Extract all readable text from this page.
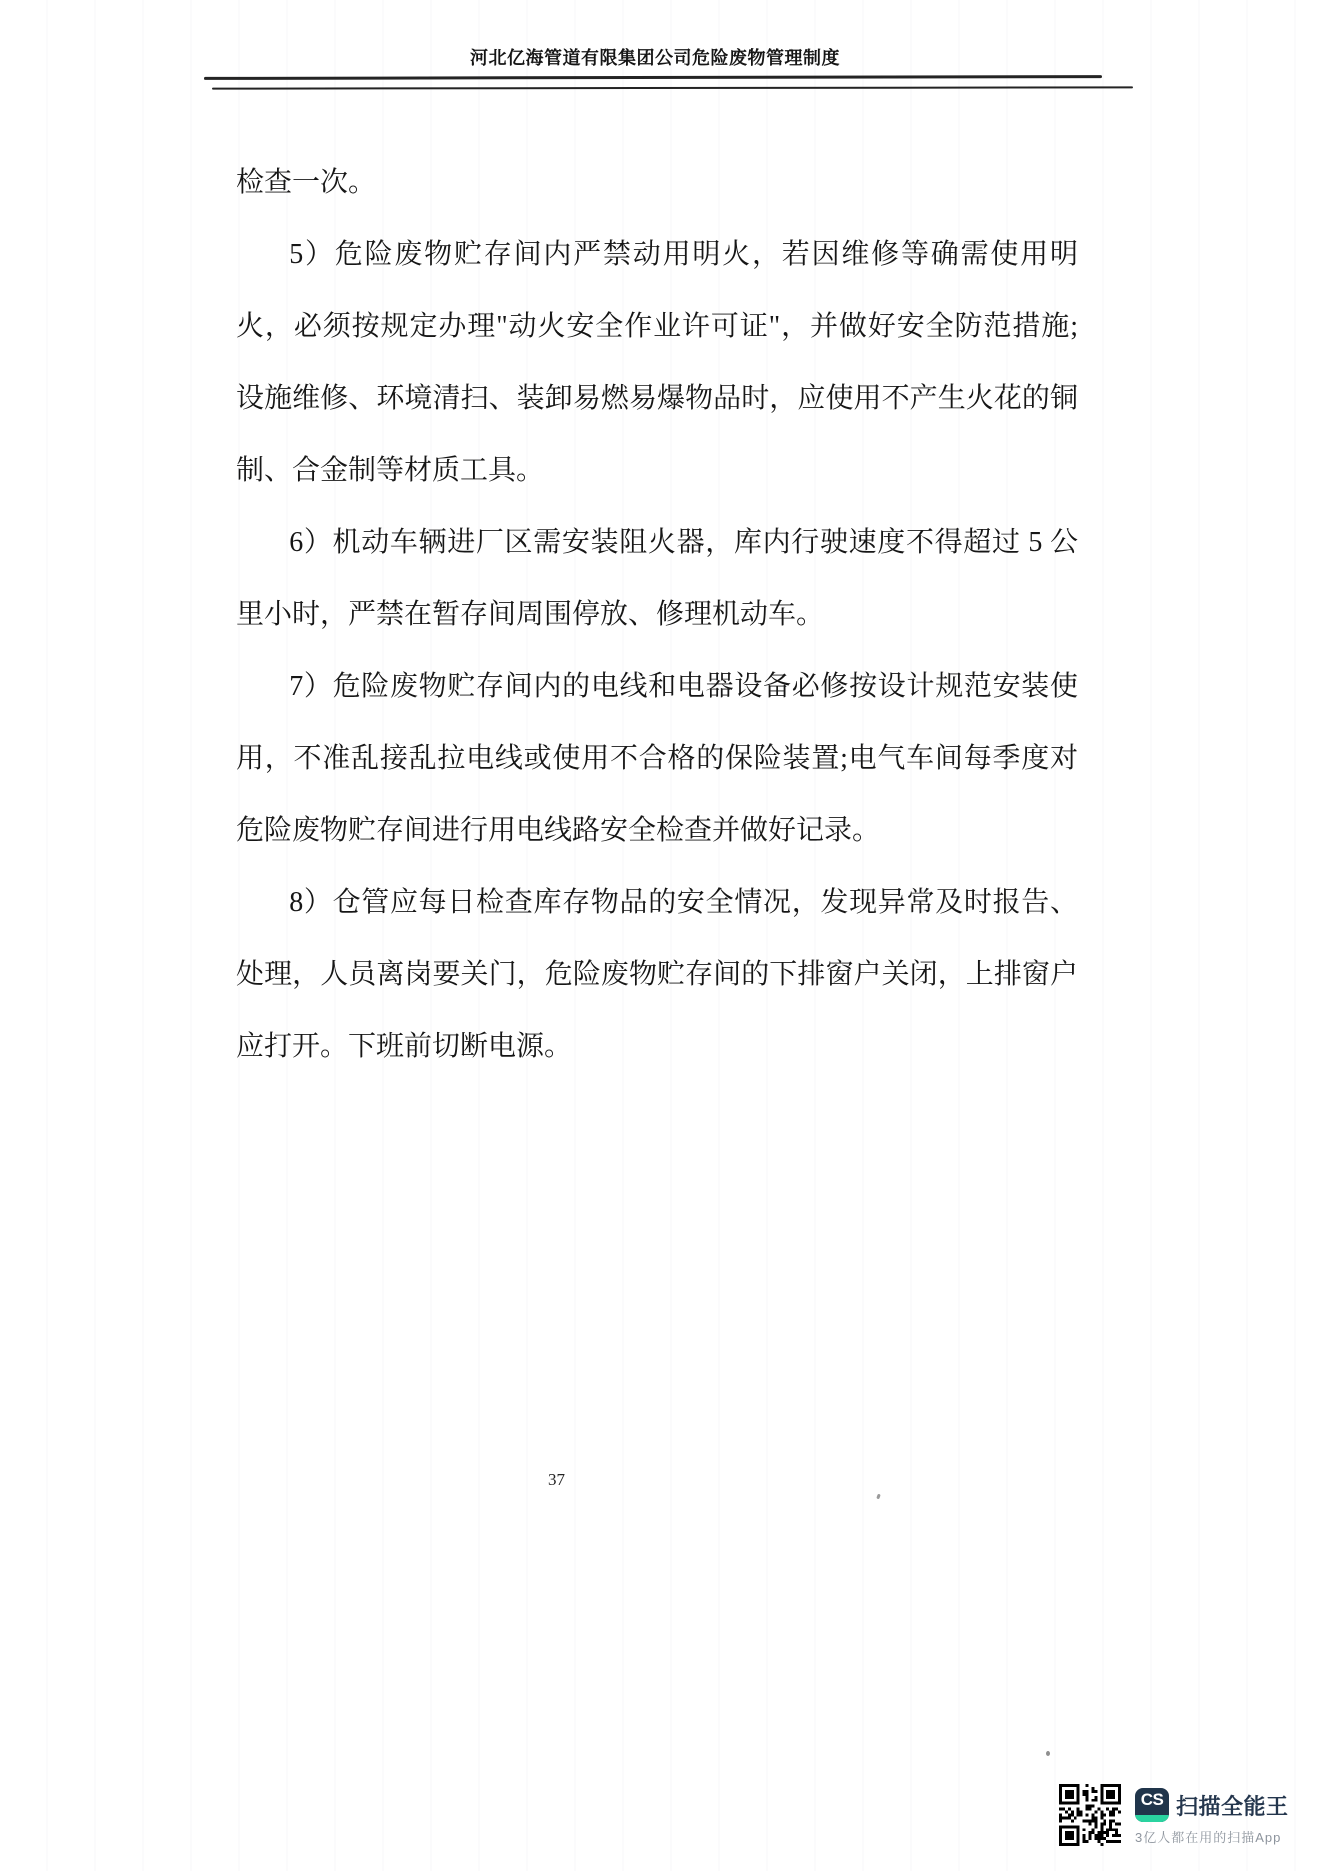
河北亿海管道有限集团公司危险废物管理制度

检查一次。

5）危险废物贮存间内严禁动用明火，若因维修等确需使用明火，必须按规定办理"动火安全作业许可证"，并做好安全防范措施;设施维修、环境清扫、装卸易燃易爆物品时，应使用不产生火花的铜制、合金制等材质工具。

6）机动车辆进厂区需安装阻火器，库内行驶速度不得超过 5 公里小时，严禁在暂存间周围停放、修理机动车。

7）危险废物贮存间内的电线和电器设备必修按设计规范安装使用，不准乱接乱拉电线或使用不合格的保险装置;电气车间每季度对危险废物贮存间进行用电线路安全检查并做好记录。

8）仓管应每日检查库存物品的安全情况，发现异常及时报告、处理，人员离岗要关门，危险废物贮存间的下排窗户关闭，上排窗户应打开。下班前切断电源。

37
CS 扫描全能王
3亿人都在用的扫描App
